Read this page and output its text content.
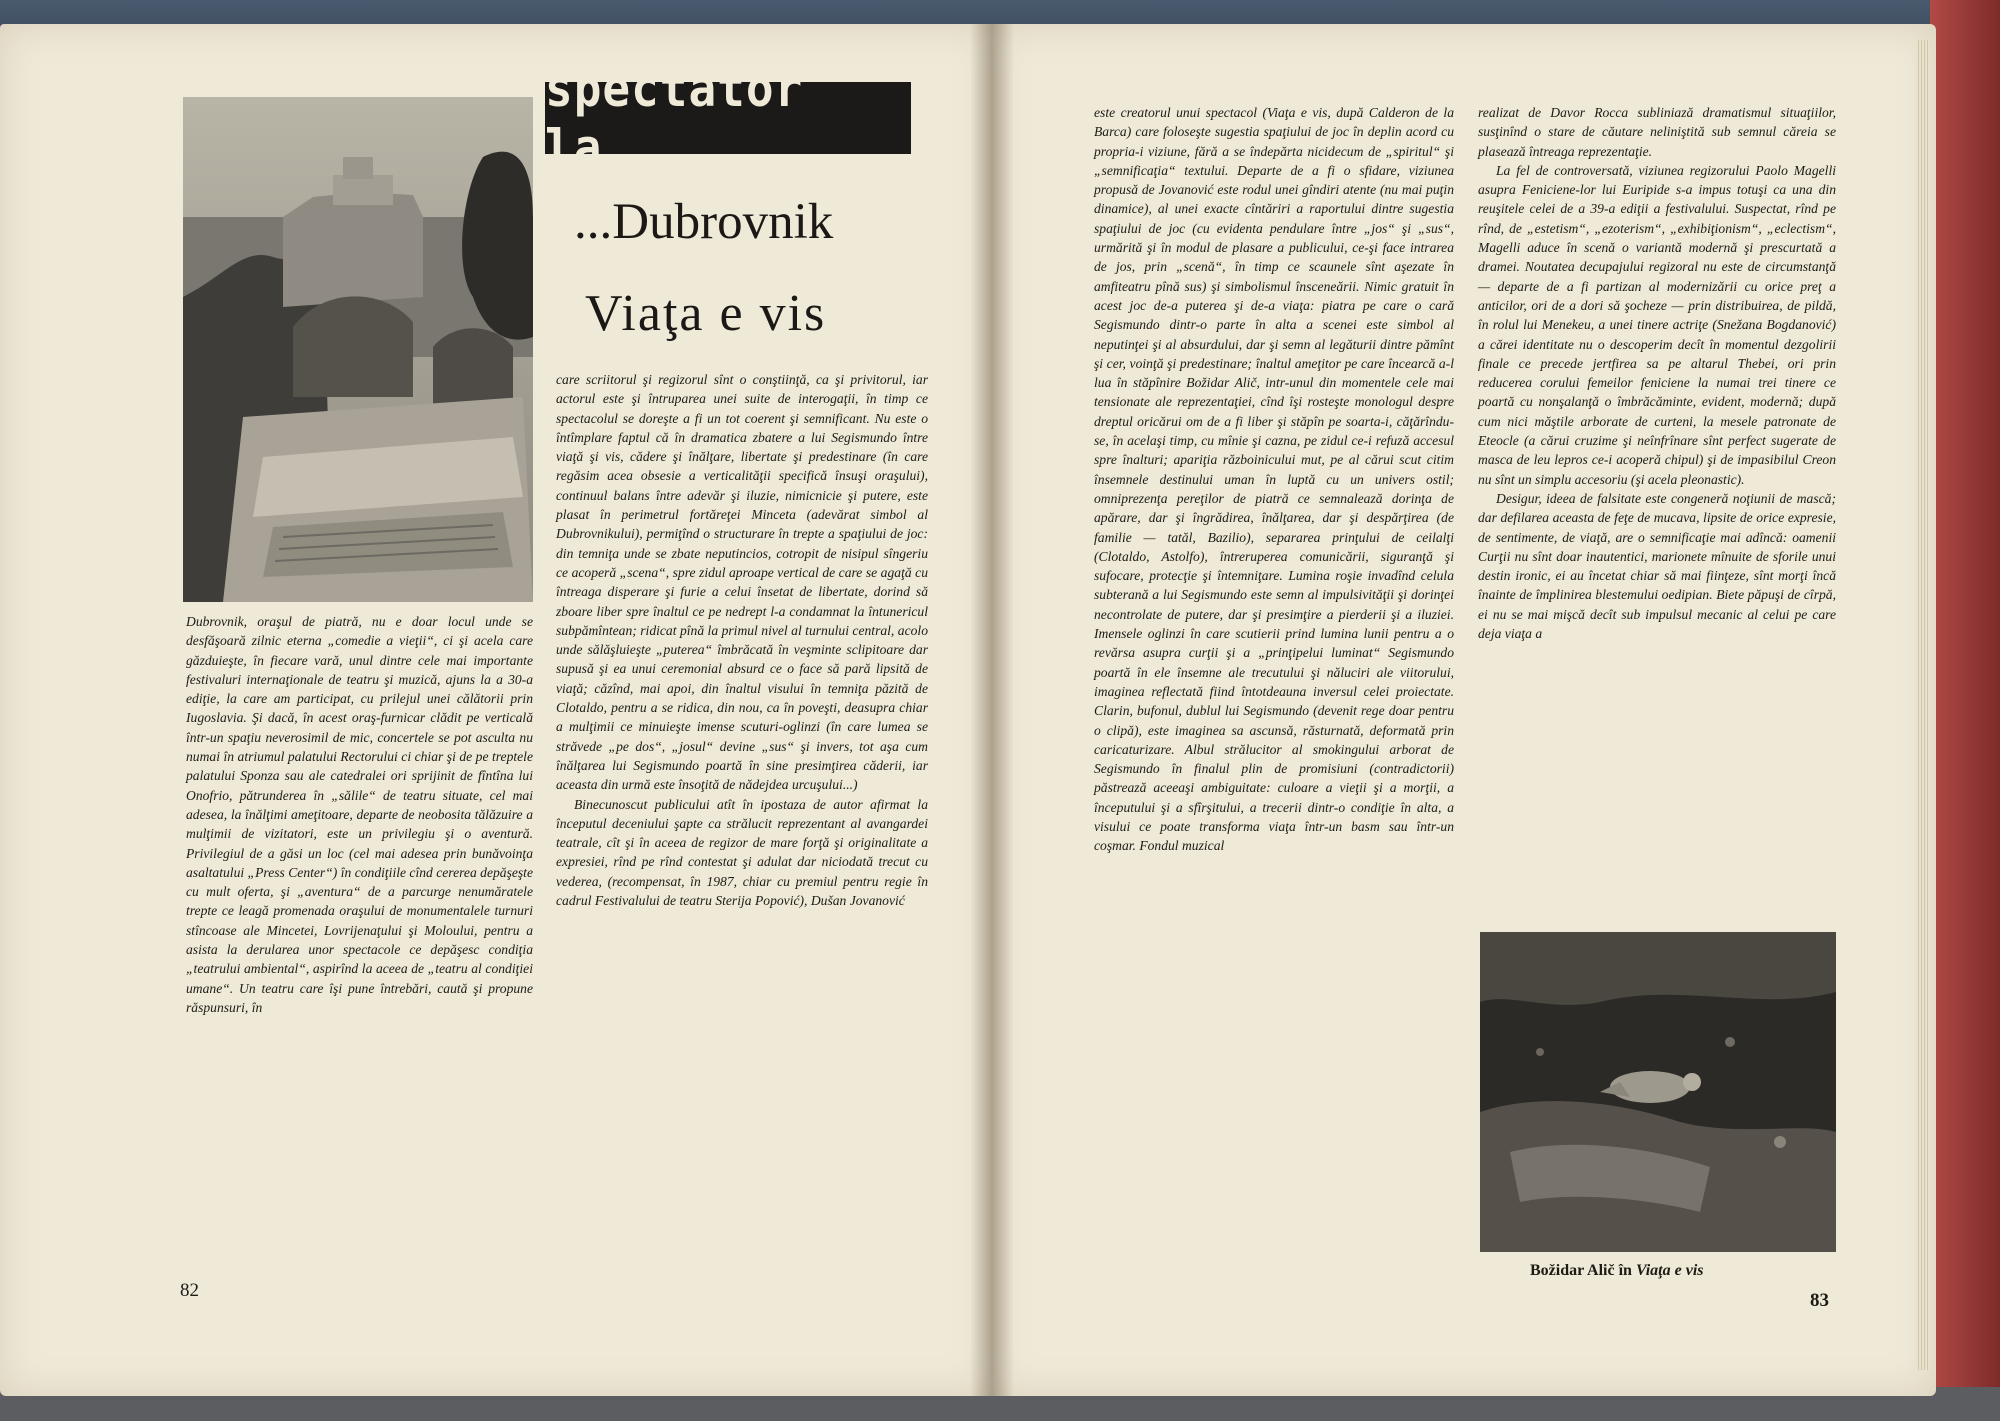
spectator la...
...Dubrovnik
Viaţa e vis

Dubrovnik, oraşul de piatră, nu e doar locul unde se desfăşoară zilnic eterna „comedie a vieţii“, ci şi acela care găzduieşte, în fiecare vară, unul dintre cele mai importante festivaluri internaţionale de teatru şi muzică, ajuns la a 30-a ediţie, la care am participat, cu prilejul unei călătorii prin Iugoslavia. Şi dacă, în acest oraş-furnicar clădit pe verticală într-un spaţiu neverosimil de mic, concertele se pot asculta nu numai în atriumul palatului Rectorului ci chiar şi de pe treptele palatului Sponza sau ale catedralei ori sprijinit de fîntîna lui Onofrio, pătrunderea în „sălile“ de teatru situate, cel mai adesea, la înălţimi ameţitoare, departe de neobosita tălăzuire a mulţimii de vizitatori, este un privilegiu şi o aventură. Privilegiul de a găsi un loc (cel mai adesea prin bunăvoinţa asaltatului „Press Center“) în condiţiile cînd cererea depăşeşte cu mult oferta, şi „aventura“ de a parcurge nenumăratele trepte ce leagă promenada oraşului de monumentalele turnuri stîncoase ale Mincetei, Lovrijenaţului şi Moloului, pentru a asista la derularea unor spectacole ce depăşesc condiţia „teatrului ambiental“, aspirînd la aceea de „teatru al condiţiei umane“. Un teatru care îşi pune întrebări, caută şi propune răspunsuri, în

care scriitorul şi regizorul sînt o conştiinţă, ca şi privitorul, iar actorul este şi întruparea unei suite de interogaţii, în timp ce spectacolul se doreşte a fi un tot coerent şi semnificant. Nu este o întîmplare faptul că în dramatica zbatere a lui Segismundo între viaţă şi vis, cădere şi înălţare, libertate şi predestinare (în care regăsim acea obsesie a verticalităţii specifică însuşi oraşului), continuul balans între adevăr şi iluzie, nimicnicie şi putere, este plasat în perimetrul fortăreţei Minceta (adevărat simbol al Dubrovnikului), permiţînd o structurare în trepte a spaţiului de joc: din temniţa unde se zbate neputincios, cotropit de nisipul sîngeriu ce acoperă „scena“, spre zidul aproape vertical de care se agaţă cu întreaga disperare şi furie a celui însetat de libertate, dorind să zboare liber spre înaltul ce pe nedrept l-a condamnat la întunericul subpămîntean; ridicat pînă la primul nivel al turnului central, acolo unde sălăşluieşte „puterea“ îmbrăcată în veşminte sclipitoare dar supusă şi ea unui ceremonial absurd ce o face să pară lipsită de viaţă; căzînd, mai apoi, din înaltul visului în temniţa păzită de Clotaldo, pentru a se ridica, din nou, ca în poveşti, deasupra chiar a mulţimii ce minuieşte imense scuturi-oglinzi (în care lumea se străvede „pe dos“, „josul“ devine „sus“ şi invers, tot aşa cum înălţarea lui Segismundo poartă în sine presimţirea căderii, iar aceasta din urmă este însoţită de nădejdea urcuşului...)

Binecunoscut publicului atît în ipostaza de autor afirmat la începutul deceniului şapte ca strălucit reprezentant al avangardei teatrale, cît şi în aceea de regizor de mare forţă şi originalitate a expresiei, rînd pe rînd contestat şi adulat dar niciodată trecut cu vederea, (recompensat, în 1987, chiar cu premiul pentru regie în cadrul Festivalului de teatru Sterija Popović), Dušan Jovanović

82

este creatorul unui spectacol (Viaţa e vis, după Calderon de la Barca) care foloseşte sugestia spaţiului de joc în deplin acord cu propria-i viziune, fără a se îndepărta nicidecum de „spiritul“ şi „semnificaţia“ textului. Departe de a fi o sfidare, viziunea propusă de Jovanović este rodul unei gîndiri atente (nu mai puţin dinamice), al unei exacte cîntăriri a raportului dintre sugestia spaţiului de joc (cu evidenta pendulare între „jos“ şi „sus“, urmărită şi în modul de plasare a publicului, ce-şi face intrarea de jos, prin „scenă“, în timp ce scaunele sînt aşezate în amfiteatru pînă sus) şi simbolismul însceneării. Nimic gratuit în acest joc de-a puterea şi de-a viaţa: piatra pe care o cară Segismundo dintr-o parte în alta a scenei este simbol al neputinţei şi al absurdului, dar şi semn al legăturii dintre pămînt şi cer, voinţă şi predestinare; înaltul ameţitor pe care încearcă a-l lua în stăpînire Božidar Alič, intr-unul din momentele cele mai tensionate ale reprezentaţiei, cînd îşi rosteşte monologul despre dreptul oricărui om de a fi liber şi stăpîn pe soarta-i, căţărîndu-se, în acelaşi timp, cu mînie şi cazna, pe zidul ce-i refuză accesul spre înalturi; apariţia războinicului mut, pe al cărui scut citim însemnele destinului uman în luptă cu un univers ostil; omniprezenţa pereţilor de piatră ce semnalează dorinţa de apărare, dar şi îngrădirea, înălţarea, dar şi despărţirea (de familie — tatăl, Bazilio), separarea prinţului de ceilalţi (Clotaldo, Astolfo), întreruperea comunicării, siguranţă şi sufocare, protecţie şi întemniţare. Lumina roşie invadînd celula subterană a lui Segismundo este semn al impulsivităţii şi dorinţei necontrolate de putere, dar şi presimţire a pierderii şi a iluziei. Imensele oglinzi în care scutierii prind lumina lunii pentru a o revărsa asupra curţii şi a „prinţipelui luminat“ Segismundo poartă în ele însemne ale trecutului şi năluciri ale viitorului, imaginea reflectată fiind întotdeauna inversul celei proiectate. Clarin, bufonul, dublul lui Segismundo (devenit rege doar pentru o clipă), este imaginea sa ascunsă, răsturnată, deformată prin caricaturizare. Albul strălucitor al smokingului arborat de Segismundo în finalul plin de promisiuni (contradictorii) păstrează aceeaşi ambiguitate: culoare a vieţii şi a morţii, a începutului şi a sfîrşitului, a trecerii dintr-o condiţie în alta, a visului ce poate transforma viaţa într-un basm sau într-un coşmar. Fondul muzical

realizat de Davor Rocca subliniază dramatismul situaţiilor, susţinînd o stare de căutare neliniştită sub semnul căreia se plasează întreaga reprezentaţie.

La fel de controversată, viziunea regizorului Paolo Magelli asupra Feniciene-lor lui Euripide s-a impus totuşi ca una din reuşitele celei de a 39-a ediţii a festivalului. Suspectat, rînd pe rînd, de „estetism“, „ezoterism“, „exhibiţionism“, „eclectism“, Magelli aduce în scenă o variantă modernă şi prescurtată a dramei. Noutatea decupajului regizoral nu este de circumstanţă — departe de a fi partizan al modernizării cu orice preţ a anticilor, ori de a dori să şocheze — prin distribuirea, de pildă, în rolul lui Menekeu, a unei tinere actriţe (Snežana Bogdanović) a cărei identitate nu o descoperim decît în momentul dezgolirii finale ce precede jertfirea sa pe altarul Thebei, ori prin reducerea corului femeilor feniciene la numai trei tinere ce poartă cu nonşalanţă o îmbrăcăminte, evident, modernă; după cum nici măştile arborate de curteni, la mesele patronate de Eteocle (a cărui cruzime şi neînfrînare sînt perfect sugerate de masca de leu lepros ce-i acoperă chipul) şi de impasibilul Creon nu sînt un simplu accesoriu (şi acela pleonastic).

Desigur, ideea de falsitate este congeneră noţiunii de mască; dar defilarea aceasta de feţe de mucava, lipsite de orice expresie, de sentimente, de viaţă, are o semnificaţie mai adîncă: oamenii Curţii nu sînt doar inautentici, marionete mînuite de sforile unui destin ironic, ei au încetat chiar să mai fiinţeze, sînt morţi încă înainte de împlinirea blestemului oedipian. Biete păpuşi de cîrpă, ei nu se mai mişcă decît sub impulsul mecanic al celui pe care deja viaţa a

Božidar Alič în Viaţa e vis
83
